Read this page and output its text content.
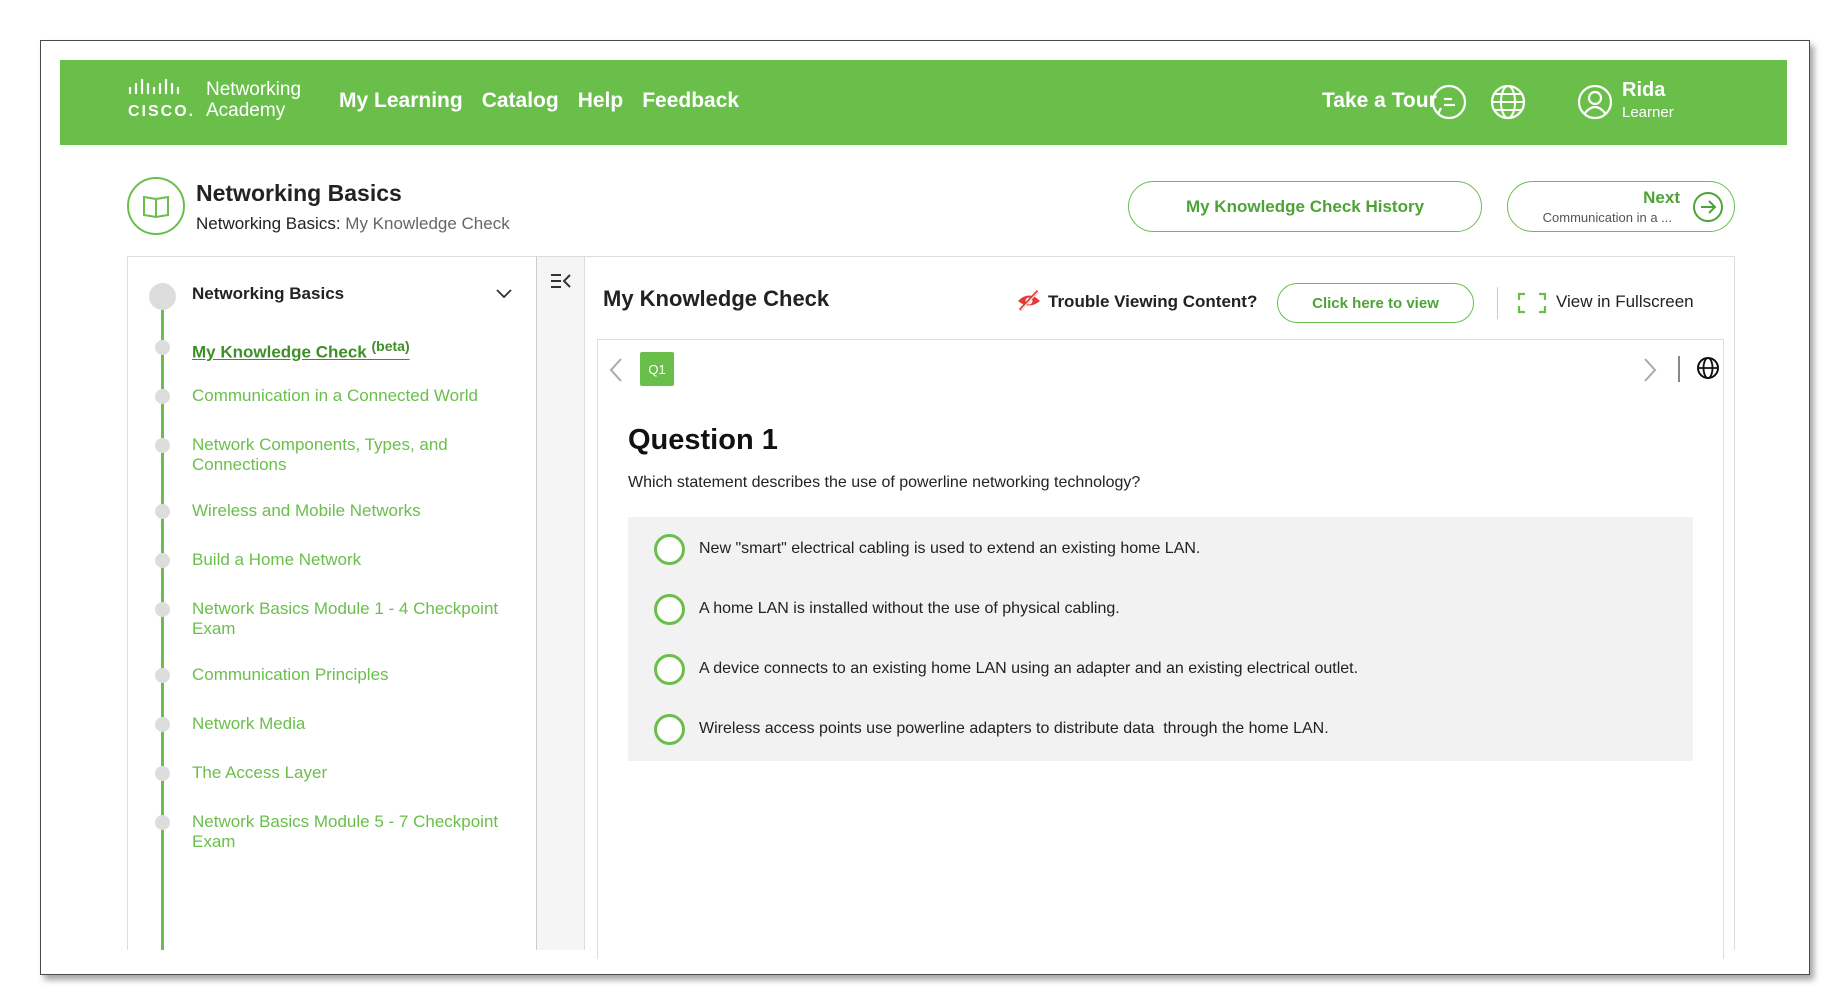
CISCO.
Networking
Academy	My Learning Catalog Help Feedback	Take a Tour	Rida
Learner
Networking Basics
Networking Basics: My Knowledge Check
My Knowledge Check History	Next
Communication in a ...
Networking Basics
My Knowledge Check $^{(beta)}$
Communication in a Connected World
Network Components, Types, and Connections
Wireless and Mobile Networks
Build a Home Network
Network Basics Module 1 - 4 Checkpoint Exam
Communication Principles
Network Media
The Access Layer
Network Basics Module 5 - 7 Checkpoint Exam
My Knowledge Check	Trouble Viewing Content?	Click here to view	View in Fullscreen
Q1
Question 1
Which statement describes the use of powerline networking technology?
New "smart" electrical cabling is used to extend an existing home LAN.
A home LAN is installed without the use of physical cabling.
A device connects to an existing home LAN using an adapter and an existing electrical outlet.
Wireless access points use powerline adapters to distribute data  through the home LAN.
